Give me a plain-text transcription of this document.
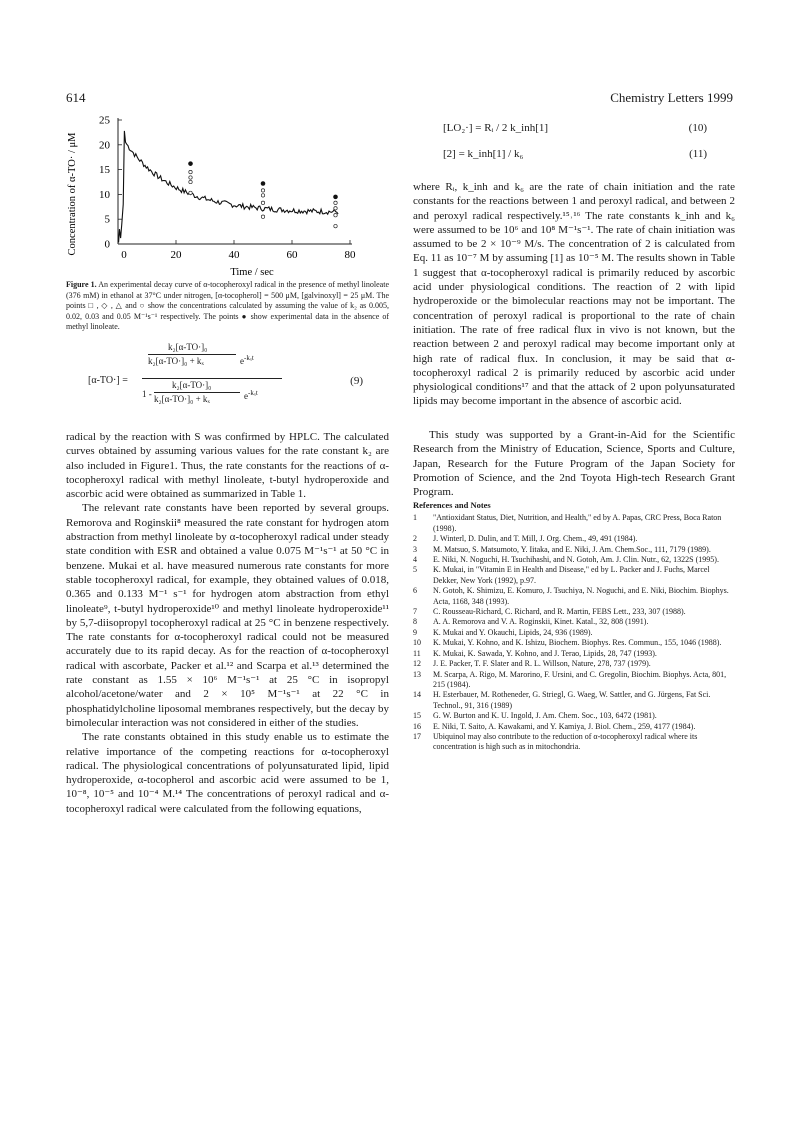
614	Chemistry Letters 1999
0
5
10
15
20
25
0	20	40	60	80
Concentration of α-TO· / μM
Time / sec
Figure 1. An experimental decay curve of α-tocopheroxyl radical in the presence of methyl linoleate (376 mM) in ethanol at 37°C under nitrogen, [α-tocopherol] = 500 μM, [galvinoxyl] = 25 μM. The points □ , ◇ , △ and ○ show the concentrations calculated by assuming the value of k₂ as 0.005, 0.02, 0.03 and 0.05 M⁻¹s⁻¹ respectively. The points ● show experimental data in the absence of methyl linoleate.
[α-TO·] =
k₂[α-TO·]₀
k₂[α-TO·]₀ + kₓ	$e^{-k_xt}$
1 -
k₂[α-TO·]₀
k₂[α-TO·]₀ + kₓ	$e^{-k_xt}$
(9)

radical by the reaction with S was confirmed by HPLC. The calculated curves obtained by assuming various values for the rate constant k₂ are also included in Figure1. Thus, the rate constants for the reactions of α-tocopheroxyl radical with methyl linoleate, t-butyl hydroperoxide and ascorbic acid were obtained as summarized in Table 1.

The relevant rate constants have been reported by several groups. Remorova and Roginskii⁸ measured the rate constant for hydrogen atom abstraction from methyl linoleate by α-tocopheroxyl radical under steady state condition with ESR and obtained a value 0.075 M⁻¹s⁻¹ at 50 °C in benzene. Mukai et al. have measured numerous rate constants for more stable tocopheroxyl radical, for example, they obtained values of 0.018, 0.365 and 0.133 M⁻¹ s⁻¹ for hydrogen atom abstraction from ethyl linoleate⁹, t-butyl hydroperoxide¹⁰ and methyl linoleate hydroperoxide¹¹ by 5,7-diisopropyl tocopheroxyl radical at 25 °C in benzene respectively. The rate constants for α-tocopheroxyl radical could not be measured accurately due to its rapid decay. As for the reaction of α-tocopheroxyl radical with ascorbate, Packer et al.¹² and Scarpa et al.¹³ determined the rate constant as 1.55 × 10⁶ M⁻¹s⁻¹ at 25 °C in isopropyl alcohol/acetone/water and 2 × 10⁵ M⁻¹s⁻¹ at 22 °C in phosphatidylcholine liposomal membranes respectively, but the decay by bimolecular interaction was not considered in either of the studies.

The rate constants obtained in this study enable us to estimate the relative importance of the competing reactions for α-tocopheroxyl radical. The physiological concentrations of polyunsaturated lipid, lipid hydroperoxide, α-tocopherol and ascorbic acid were assumed to be 1, 10⁻⁸, 10⁻⁵ and 10⁻⁴ M.¹⁴ The concentrations of peroxyl radical and α-tocopheroxyl radical were calculated from the following equations,

[LO₂·] = Rᵢ / 2 k_inh[1]	(10)
[2] = k_inh[1] / k₆	(11)

where Rᵢ, k_inh and k₆ are the rate of chain initiation and the rate constants for the reactions between 1 and peroxyl radical, and between 2 and peroxyl radical respectively.¹⁵˒¹⁶ The rate constants k_inh and k₆ were assumed to be 10⁶ and 10⁸ M⁻¹s⁻¹. The rate of chain initiation was assumed to be 2 × 10⁻⁹ M/s. The concentration of 2 is calculated from Eq. 11 as 10⁻⁷ M by assuming [1] as 10⁻⁵ M. The results shown in Table 1 suggest that α-tocopheroxyl radical is primarily reduced by ascorbic acid under physiological conditions. The reaction of 2 with lipid hydroperoxide or the bimolecular reactions may not be important. The concentration of peroxyl radical is proportional to the rate of chain initiation. The rate of free radical flux in vivo is not known, but the reaction between 2 and peroxyl radical may become important only at high rate of radical flux. In conclusion, it may be said that α-tocopheroxyl radical 2 is primarily reduced by ascorbic acid under physiological conditions¹⁷ and that the attack of 2 upon polyunsaturated lipids may become important in the absence of ascorbic acid.

This study was supported by a Grant-in-Aid for the Scientific Research from the Ministry of Education, Science, Sports and Culture, Japan, Research for the Future Program of the Japan Society for Promotion of Science, and the 2nd Toyota High-tech Research Grant Program.

References and Notes
1	"Antioxidant Status, Diet, Nutrition, and Health," ed by A. Papas, CRC Press, Boca Raton (1998).
2	J. Winterl, D. Dulin, and T. Mill, J. Org. Chem., 49, 491 (1984).
3	M. Matsuo, S. Matsumoto, Y. Iitaka, and E. Niki, J. Am. Chem.Soc., 111, 7179 (1989).
4	E. Niki, N. Noguchi, H. Tsuchihashi, and N. Gotoh, Am. J. Clin. Nutr., 62, 1322S (1995).
5	K. Mukai, in "Vitamin E in Health and Disease," ed by L. Packer and J. Fuchs, Marcel Dekker, New York (1992), p.97.
6	N. Gotoh, K. Shimizu, E. Komuro, J. Tsuchiya, N. Noguchi, and E. Niki, Biochim. Biophys. Acta, 1168, 348 (1993).
7	C. Rousseau-Richard, C. Richard, and R. Martin, FEBS Lett., 233, 307 (1988).
8	A. A. Remorova and V. A. Roginskii, Kinet. Katal., 32, 808 (1991).
9	K. Mukai and Y. Okauchi, Lipids, 24, 936 (1989).
10	K. Mukai, Y. Kohno, and K. Ishizu, Biochem. Biophys. Res. Commun., 155, 1046 (1988).
11	K. Mukai, K. Sawada, Y. Kohno, and J. Terao, Lipids, 28, 747 (1993).
12	J. E. Packer, T. F. Slater and R. L. Willson, Nature, 278, 737 (1979).
13	M. Scarpa, A. Rigo, M. Marorino, F. Ursini, and C. Gregolin, Biochim. Biophys. Acta, 801, 215 (1984).
14	H. Esterbauer, M. Rotheneder, G. Striegl, G. Waeg, W. Sattler, and G. Jürgens, Fat Sci. Technol., 91, 316 (1989)
15	G. W. Burton and K. U. Ingold, J. Am. Chem. Soc., 103, 6472 (1981).
16	E. Niki, T. Saito, A. Kawakami, and Y. Kamiya, J. Biol. Chem., 259, 4177 (1984).
17	Ubiquinol may also contribute to the reduction of α-tocopheroxyl radical where its concentration is high such as in mitochondria.
